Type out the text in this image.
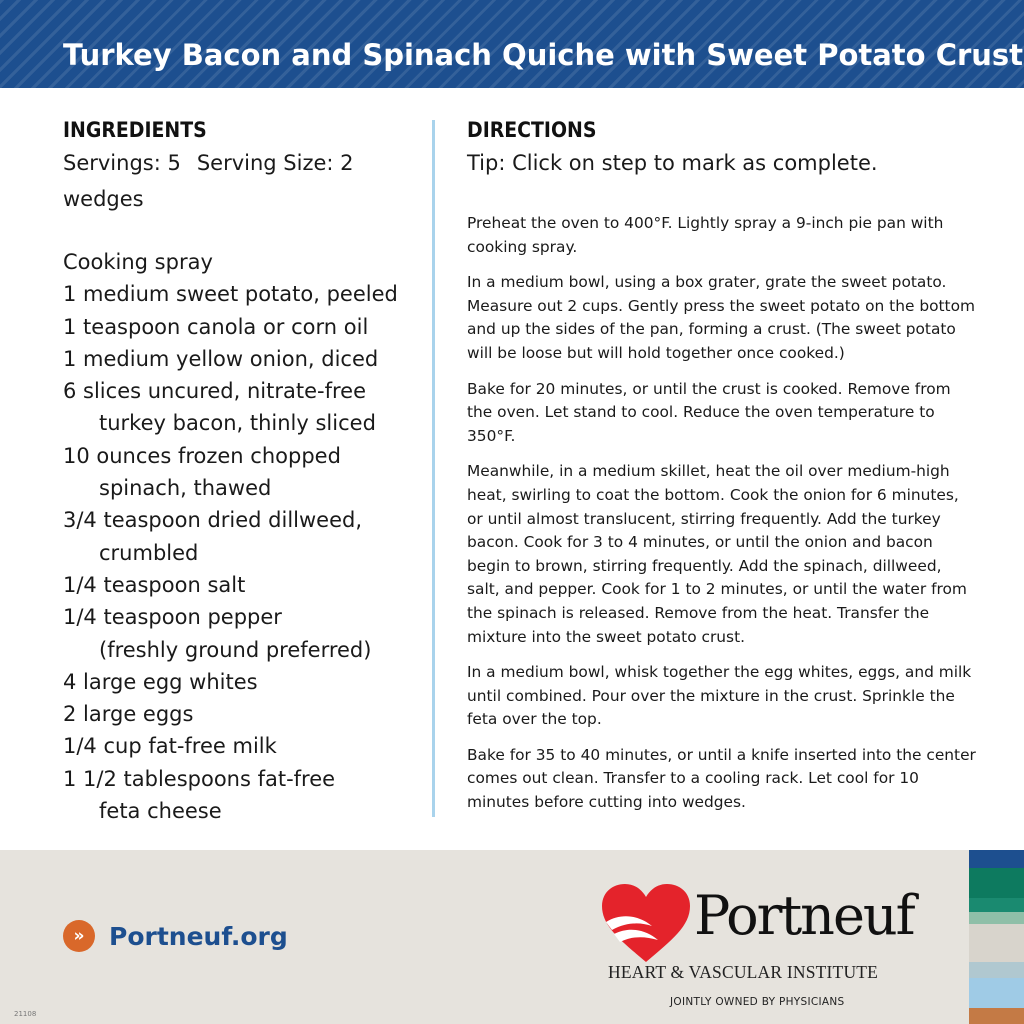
Turkey Bacon and Spinach Quiche with Sweet Potato Crust
INGREDIENTS
Servings: 5 Serving Size: 2 wedges
Cooking spray
1 medium sweet potato, peeled
1 teaspoon canola or corn oil
1 medium yellow onion, diced
6 slices uncured, nitrate-free
turkey bacon, thinly sliced
10 ounces frozen chopped
spinach, thawed
3/4 teaspoon dried dillweed,
crumbled
1/4 teaspoon salt
1/4 teaspoon pepper
(freshly ground preferred)
4 large egg whites
2 large eggs
1/4 cup fat-free milk
1 1/2 tablespoons fat-free
feta cheese
DIRECTIONS
Tip: Click on step to mark as complete.
Preheat the oven to 400°F. Lightly spray a 9-inch pie pan with cooking spray.
In a medium bowl, using a box grater, grate the sweet potato. Measure out 2 cups. Gently press the sweet potato on the bottom and up the sides of the pan, forming a crust. (The sweet potato will be loose but will hold together once cooked.)
Bake for 20 minutes, or until the crust is cooked. Remove from the oven. Let stand to cool. Reduce the oven temperature to 350°F.
Meanwhile, in a medium skillet, heat the oil over medium-high heat, swirling to coat the bottom. Cook the onion for 6 minutes, or until almost translucent, stirring frequently. Add the turkey bacon. Cook for 3 to 4 minutes, or until the onion and bacon begin to brown, stirring frequently. Add the spinach, dillweed, salt, and pepper. Cook for 1 to 2 minutes, or until the water from the spinach is released. Remove from the heat. Transfer the mixture into the sweet potato crust.
In a medium bowl, whisk together the egg whites, eggs, and milk until combined. Pour over the mixture in the crust. Sprinkle the feta over the top.
Bake for 35 to 40 minutes, or until a knife inserted into the center comes out clean. Transfer to a cooling rack. Let cool for 10 minutes before cutting into wedges.
» Portneuf.org	Portneuf
HEART & VASCULAR INSTITUTE
JOINTLY OWNED BY PHYSICIANS
21108
